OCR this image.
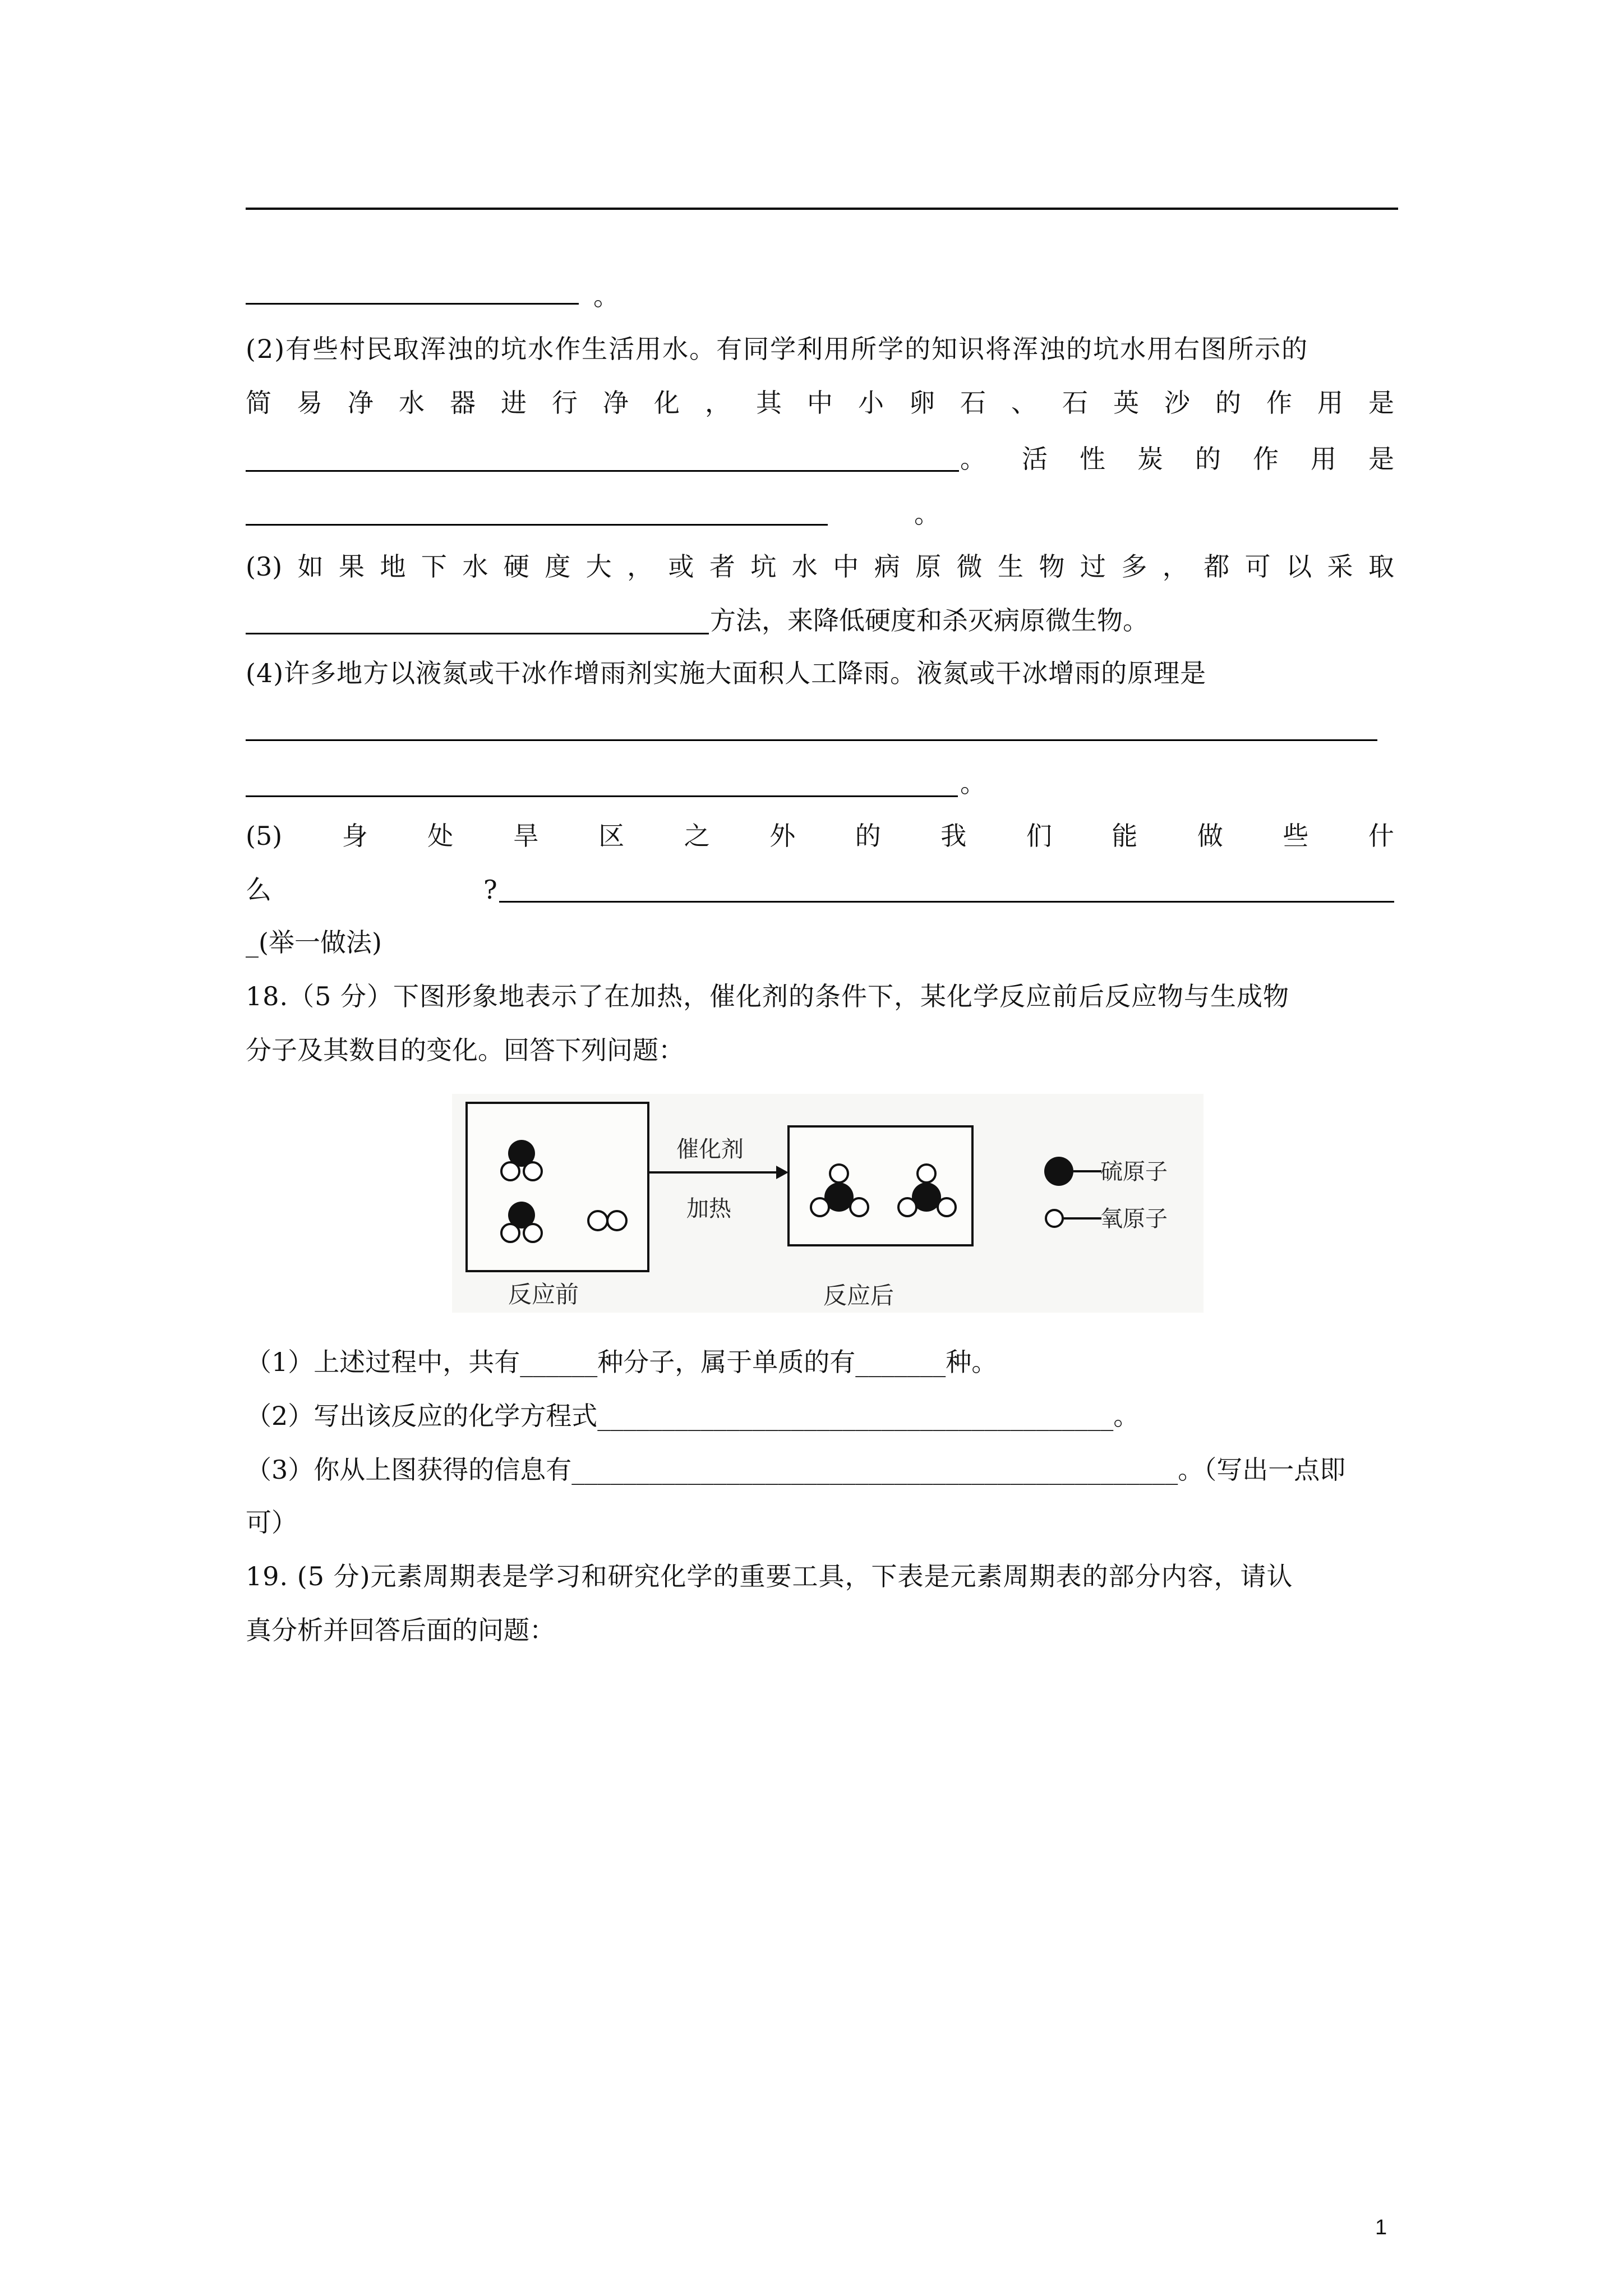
。
(2)有些村民取浑浊的坑水作生活用水。有同学利用所学的知识将浑浊的坑水用右图所示的
简 易 净 水 器 进 行 净 化 ， 其 中 小 卵 石 、 石 英 沙 的 作 用 是
。 活 性 炭 的 作 用 是
。
(3) 如 果 地 下 水 硬 度 大 ， 或 者 坑 水 中 病 原 微 生 物 过 多 ， 都 可 以 采 取
方法，来降低硬度和杀灭病原微生物。
(4)许多地方以液氮或干冰作增雨剂实施大面积人工降雨。液氮或干冰增雨的原理是
。
(5) 身 处 旱 区 之 外 的 我 们 能 做 些 什
么	?
_(举一做法)
18.（5 分）下图形象地表示了在加热，催化剂的条件下，某化学反应前后反应物与生成物
分子及其数目的变化。回答下列问题：
催化剂
加热
硫原子
氧原子
反应前	反应后
（1）上述过程中，共有______种分子，属于单质的有_______种。
（2）写出该反应的化学方程式________________________________________。
（3）你从上图获得的信息有_______________________________________________。（写出一点即
可）
19. (5 分)元素周期表是学习和研究化学的重要工具，下表是元素周期表的部分内容，请认
真分析并回答后面的问题：
1
